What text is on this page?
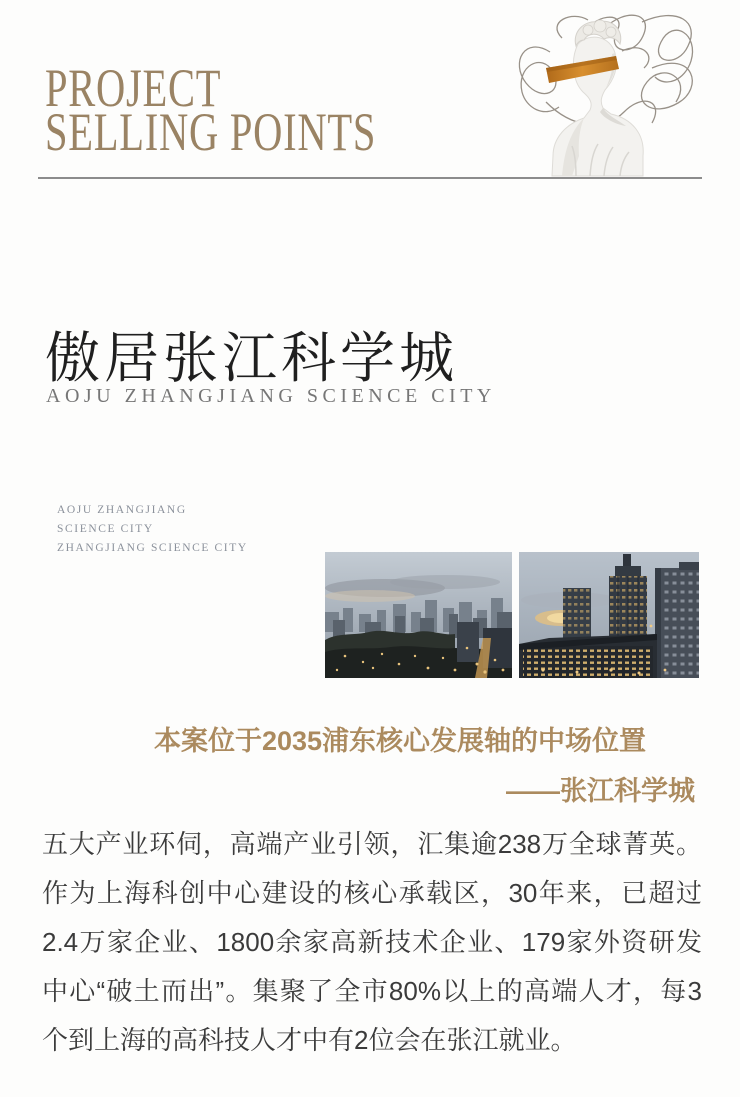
PROJECT
SELLING POINTS
傲居张江科学城
AOJU ZHANGJIANG SCIENCE CITY
AOJU ZHANGJIANG
SCIENCE CITY
ZHANGJIANG SCIENCE CITY
本案位于2035浦东核心发展轴的中场位置
——张江科学城
五大产业环伺，高端产业引领，汇集逾238万全球菁英。
作为上海科创中心建设的核心承载区，30年来，已超过
2.4万家企业、1800余家高新技术企业、179家外资研发
中心“破土而出”。集聚了全市80%以上的高端人才，每3
个到上海的高科技人才中有2位会在张江就业。
